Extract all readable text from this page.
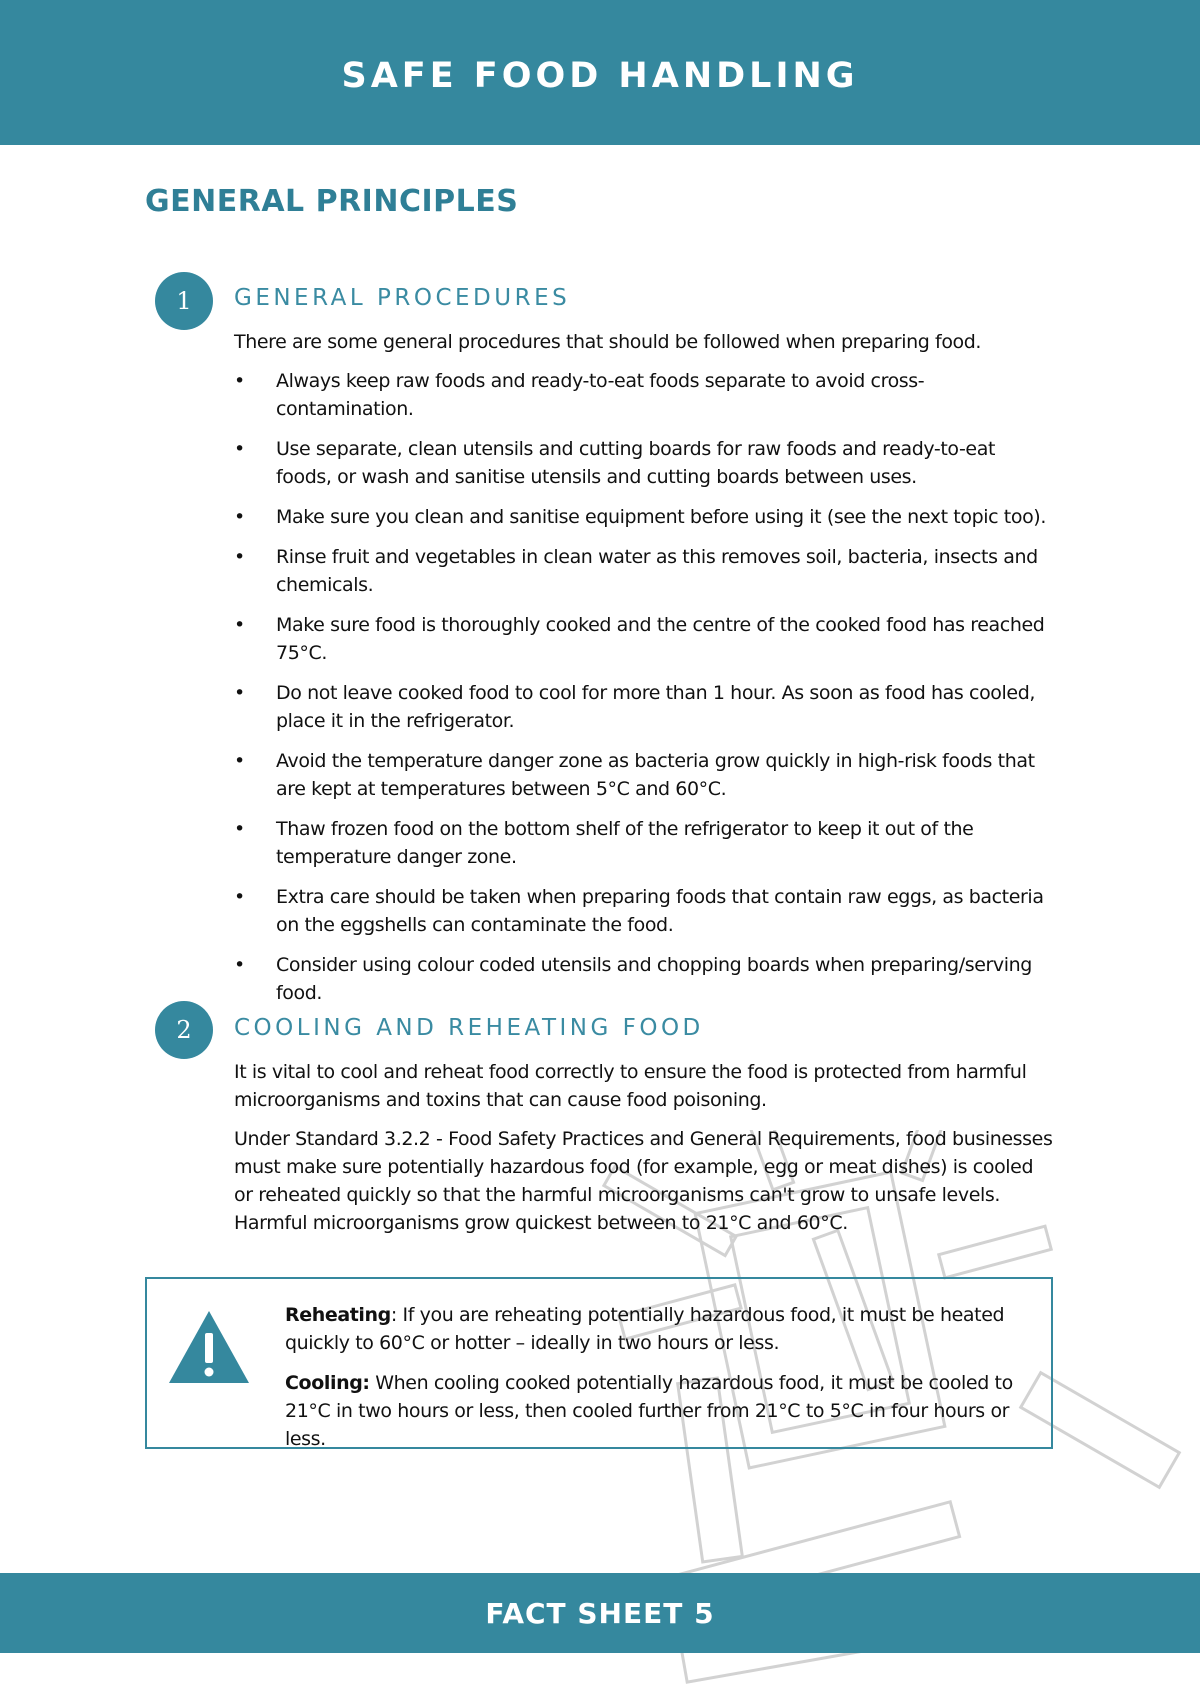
SAFE FOOD HANDLING
GENERAL PRINCIPLES
1	GENERAL PROCEDURES
There are some general procedures that should be followed when preparing food.
• Always keep raw foods and ready-to-eat foods separate to avoid cross-contamination.
• Use separate, clean utensils and cutting boards for raw foods and ready-to-eat foods, or wash and sanitise utensils and cutting boards between uses.
• Make sure you clean and sanitise equipment before using it (see the next topic too).
• Rinse fruit and vegetables in clean water as this removes soil, bacteria, insects and chemicals.
• Make sure food is thoroughly cooked and the centre of the cooked food has reached 75°C.
• Do not leave cooked food to cool for more than 1 hour. As soon as food has cooled, place it in the refrigerator.
• Avoid the temperature danger zone as bacteria grow quickly in high-risk foods that are kept at temperatures between 5°C and 60°C.
• Thaw frozen food on the bottom shelf of the refrigerator to keep it out of the temperature danger zone.
• Extra care should be taken when preparing foods that contain raw eggs, as bacteria on the eggshells can contaminate the food.
• Consider using colour coded utensils and chopping boards when preparing/serving food.
2	COOLING AND REHEATING FOOD
It is vital to cool and reheat food correctly to ensure the food is protected from harmful microorganisms and toxins that can cause food poisoning.
Under Standard 3.2.2 - Food Safety Practices and General Requirements, food businesses must make sure potentially hazardous food (for example, egg or meat dishes) is cooled or reheated quickly so that the harmful microorganisms can't grow to unsafe levels. Harmful microorganisms grow quickest between to 21°C and 60°C.

Reheating: If you are reheating potentially hazardous food, it must be heated quickly to 60°C or hotter – ideally in two hours or less.

Cooling: When cooling cooked potentially hazardous food, it must be cooled to 21°C in two hours or less, then cooled further from 21°C to 5°C in four hours or less.

FACT SHEET 5
